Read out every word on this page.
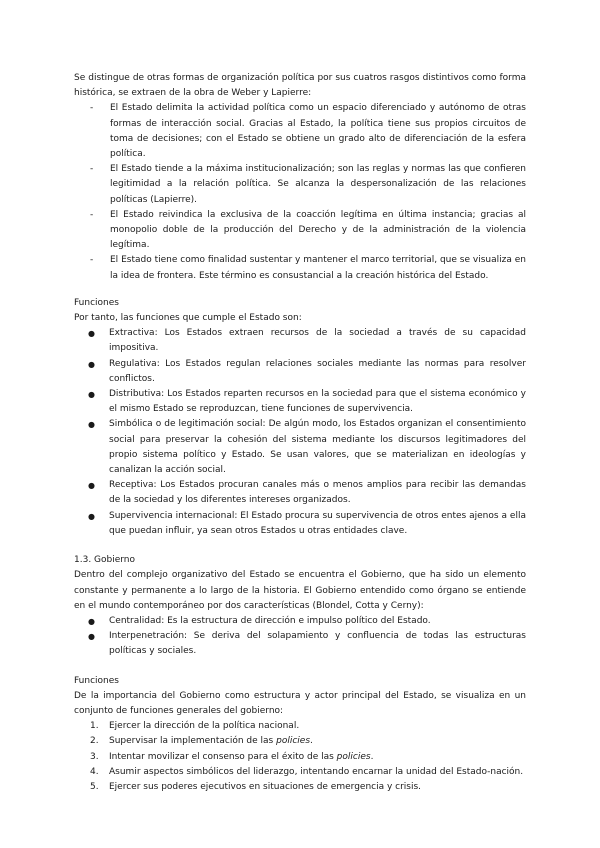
Se distingue de otras formas de organización política por sus cuatros rasgos distintivos como forma histórica, se extraen de la obra de Weber y Lapierre:

- El Estado delimita la actividad política como un espacio diferenciado y autónomo de otras formas de interacción social. Gracias al Estado, la política tiene sus propios circuitos de toma de decisiones; con el Estado se obtiene un grado alto de diferenciación de la esfera política.
- El Estado tiende a la máxima institucionalización; son las reglas y normas las que confieren legitimidad a la relación política. Se alcanza la despersonalización de las relaciones políticas (Lapierre).
- El Estado reivindica la exclusiva de la coacción legítima en última instancia; gracias al monopolio doble de la producción del Derecho y de la administración de la violencia legítima.
- El Estado tiene como finalidad sustentar y mantener el marco territorial, que se visualiza en la idea de frontera. Este término es consustancial a la creación histórica del Estado.

Funciones

Por tanto, las funciones que cumple el Estado son:

● Extractiva: Los Estados extraen recursos de la sociedad a través de su capacidad impositiva.
● Regulativa: Los Estados regulan relaciones sociales mediante las normas para resolver conflictos.
● Distributiva: Los Estados reparten recursos en la sociedad para que el sistema económico y el mismo Estado se reproduzcan, tiene funciones de supervivencia.
● Simbólica o de legitimación social: De algún modo, los Estados organizan el consentimiento social para preservar la cohesión del sistema mediante los discursos legitimadores del propio sistema político y Estado. Se usan valores, que se materializan en ideologías y canalizan la acción social.
● Receptiva: Los Estados procuran canales más o menos amplios para recibir las demandas de la sociedad y los diferentes intereses organizados.
● Supervivencia internacional: El Estado procura su supervivencia de otros entes ajenos a ella que puedan influir, ya sean otros Estados u otras entidades clave.

1.3. Gobierno

Dentro del complejo organizativo del Estado se encuentra el Gobierno, que ha sido un elemento constante y permanente a lo largo de la historia. El Gobierno entendido como órgano se entiende en el mundo contemporáneo por dos características (Blondel, Cotta y Cerny):

● Centralidad: Es la estructura de dirección e impulso político del Estado.
● Interpenetración: Se deriva del solapamiento y confluencia de todas las estructuras políticas y sociales.

Funciones

De la importancia del Gobierno como estructura y actor principal del Estado, se visualiza en un conjunto de funciones generales del gobierno:

1. Ejercer la dirección de la política nacional.
2. Supervisar la implementación de las policies.
3. Intentar movilizar el consenso para el éxito de las policies.
4. Asumir aspectos simbólicos del liderazgo, intentando encarnar la unidad del Estado-nación.
5. Ejercer sus poderes ejecutivos en situaciones de emergencia y crisis.
